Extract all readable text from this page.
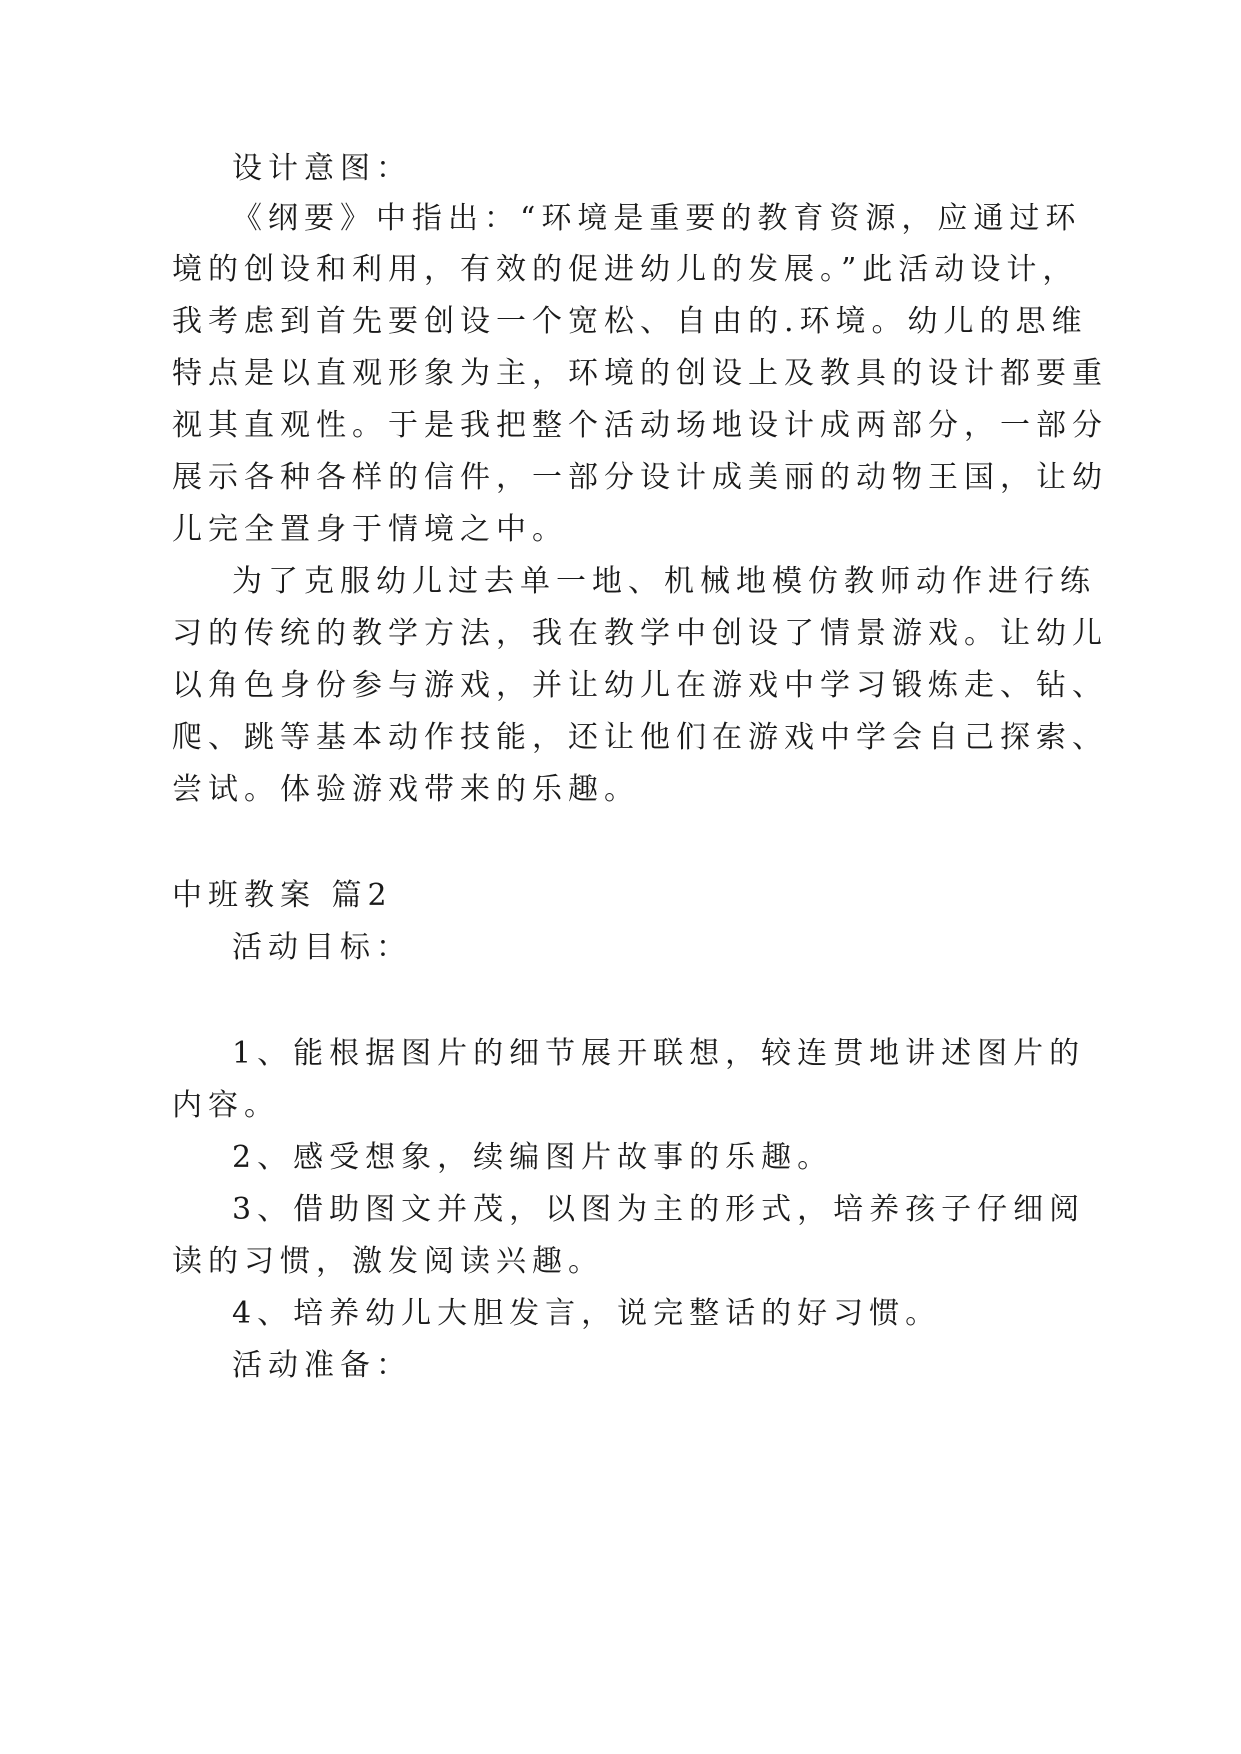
设计意图：
《纲要》中指出：“环境是重要的教育资源，应通过环
境的创设和利用，有效的促进幼儿的发展。”此活动设计，
我考虑到首先要创设一个宽松、自由的.环境。幼儿的思维
特点是以直观形象为主，环境的创设上及教具的设计都要重
视其直观性。于是我把整个活动场地设计成两部分，一部分
展示各种各样的信件，一部分设计成美丽的动物王国，让幼
儿完全置身于情境之中。
为了克服幼儿过去单一地、机械地模仿教师动作进行练
习的传统的教学方法，我在教学中创设了情景游戏。让幼儿
以角色身份参与游戏，并让幼儿在游戏中学习锻炼走、钻、
爬、跳等基本动作技能，还让他们在游戏中学会自己探索、
尝试。体验游戏带来的乐趣。
中班教案 篇2
活动目标：
1、能根据图片的细节展开联想，较连贯地讲述图片的
内容。
2、感受想象，续编图片故事的乐趣。
3、借助图文并茂，以图为主的形式，培养孩子仔细阅
读的习惯，激发阅读兴趣。
4、培养幼儿大胆发言，说完整话的好习惯。
活动准备：
